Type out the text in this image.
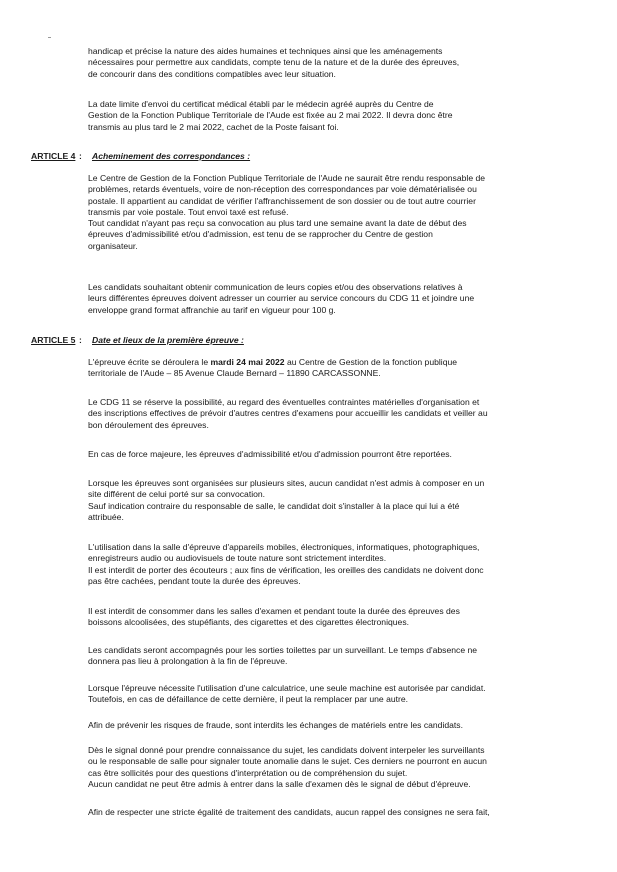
handicap et précise la nature des aides humaines et techniques ainsi que les aménagements
nécessaires pour permettre aux candidats, compte tenu de la nature et de la durée des épreuves,
de concourir dans des conditions compatibles avec leur situation.

La date limite d'envoi du certificat médical établi par le médecin agréé auprès du Centre de
Gestion de la Fonction Publique Territoriale de l'Aude est fixée au 2 mai 2022. Il devra donc être
transmis au plus tard le 2 mai 2022, cachet de la Poste faisant foi.

ARTICLE 4 : Acheminement des correspondances :

Le Centre de Gestion de la Fonction Publique Territoriale de l'Aude ne saurait être rendu responsable de
problèmes, retards éventuels, voire de non-réception des correspondances par voie dématérialisée ou
postale. Il appartient au candidat de vérifier l'affranchissement de son dossier ou de tout autre courrier
transmis par voie postale. Tout envoi taxé est refusé.
Tout candidat n'ayant pas reçu sa convocation au plus tard une semaine avant la date de début des
épreuves d'admissibilité et/ou d'admission, est tenu de se rapprocher du Centre de gestion
organisateur.

Les candidats souhaitant obtenir communication de leurs copies et/ou des observations relatives à
leurs différentes épreuves doivent adresser un courrier au service concours du CDG 11 et joindre une
enveloppe grand format affranchie au tarif en vigueur pour 100 g.

ARTICLE 5 : Date et lieux de la première épreuve :

L'épreuve écrite se déroulera le mardi 24 mai 2022 au Centre de Gestion de la fonction publique
territoriale de l'Aude – 85 Avenue Claude Bernard – 11890 CARCASSONNE.

Le CDG 11 se réserve la possibilité, au regard des éventuelles contraintes matérielles d'organisation et
des inscriptions effectives de prévoir d'autres centres d'examens pour accueillir les candidats et veiller au
bon déroulement des épreuves.

En cas de force majeure, les épreuves d'admissibilité et/ou d'admission pourront être reportées.

Lorsque les épreuves sont organisées sur plusieurs sites, aucun candidat n'est admis à composer en un
site différent de celui porté sur sa convocation.
Sauf indication contraire du responsable de salle, le candidat doit s'installer à la place qui lui a été
attribuée.

L'utilisation dans la salle d'épreuve d'appareils mobiles, électroniques, informatiques, photographiques,
enregistreurs audio ou audiovisuels de toute nature sont strictement interdites.
Il est interdit de porter des écouteurs ; aux fins de vérification, les oreilles des candidats ne doivent donc
pas être cachées, pendant toute la durée des épreuves.

Il est interdit de consommer dans les salles d'examen et pendant toute la durée des épreuves des
boissons alcoolisées, des stupéfiants, des cigarettes et des cigarettes électroniques.

Les candidats seront accompagnés pour les sorties toilettes par un surveillant. Le temps d'absence ne
donnera pas lieu à prolongation à la fin de l'épreuve.

Lorsque l'épreuve nécessite l'utilisation d'une calculatrice, une seule machine est autorisée par candidat.
Toutefois, en cas de défaillance de cette dernière, il peut la remplacer par une autre.

Afin de prévenir les risques de fraude, sont interdits les échanges de matériels entre les candidats.

Dès le signal donné pour prendre connaissance du sujet, les candidats doivent interpeler les surveillants
ou le responsable de salle pour signaler toute anomalie dans le sujet. Ces derniers ne pourront en aucun
cas être sollicités pour des questions d'interprétation ou de compréhension du sujet.
Aucun candidat ne peut être admis à entrer dans la salle d'examen dès le signal de début d'épreuve.

Afin de respecter une stricte égalité de traitement des candidats, aucun rappel des consignes ne sera fait,
